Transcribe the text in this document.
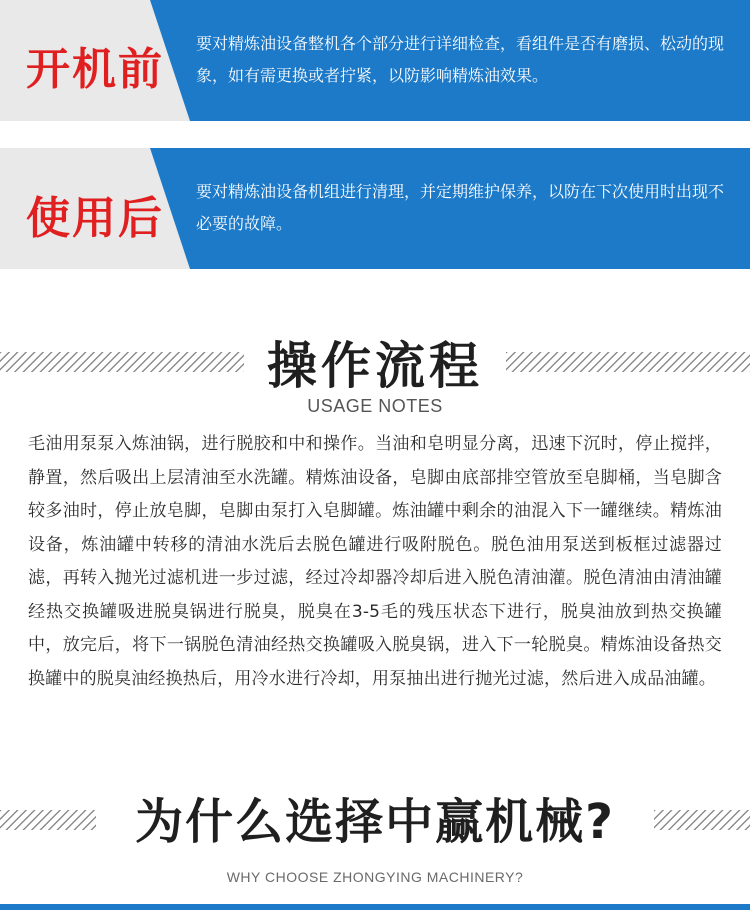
开机前
要对精炼油设备整机各个部分进行详细检查，看组件是否有磨损、松动的现象，如有需更换或者拧紧，以防影响精炼油效果。
使用后
要对精炼油设备机组进行清理，并定期维护保养，以防在下次使用时出现不必要的故障。
操作流程
USAGE NOTES
毛油用泵泵入炼油锅，进行脱胶和中和操作。当油和皂明显分离，迅速下沉时，停止搅拌，静置，然后吸出上层清油至水洗罐。精炼油设备，皂脚由底部排空管放至皂脚桶，当皂脚含较多油时，停止放皂脚，皂脚由泵打入皂脚罐。炼油罐中剩余的油混入下一罐继续。精炼油设备，炼油罐中转移的清油水洗后去脱色罐进行吸附脱色。脱色油用泵送到板框过滤器过滤，再转入抛光过滤机进一步过滤，经过冷却器冷却后进入脱色清油灌。脱色清油由清油罐经热交换罐吸进脱臭锅进行脱臭，脱臭在3-5毛的残压状态下进行，脱臭油放到热交换罐中，放完后，将下一锅脱色清油经热交换罐吸入脱臭锅，进入下一轮脱臭。精炼油设备热交换罐中的脱臭油经换热后，用冷水进行冷却，用泵抽出进行抛光过滤，然后进入成品油罐。
为什么选择中赢机械?
WHY CHOOSE ZHONGYING MACHINERY?
